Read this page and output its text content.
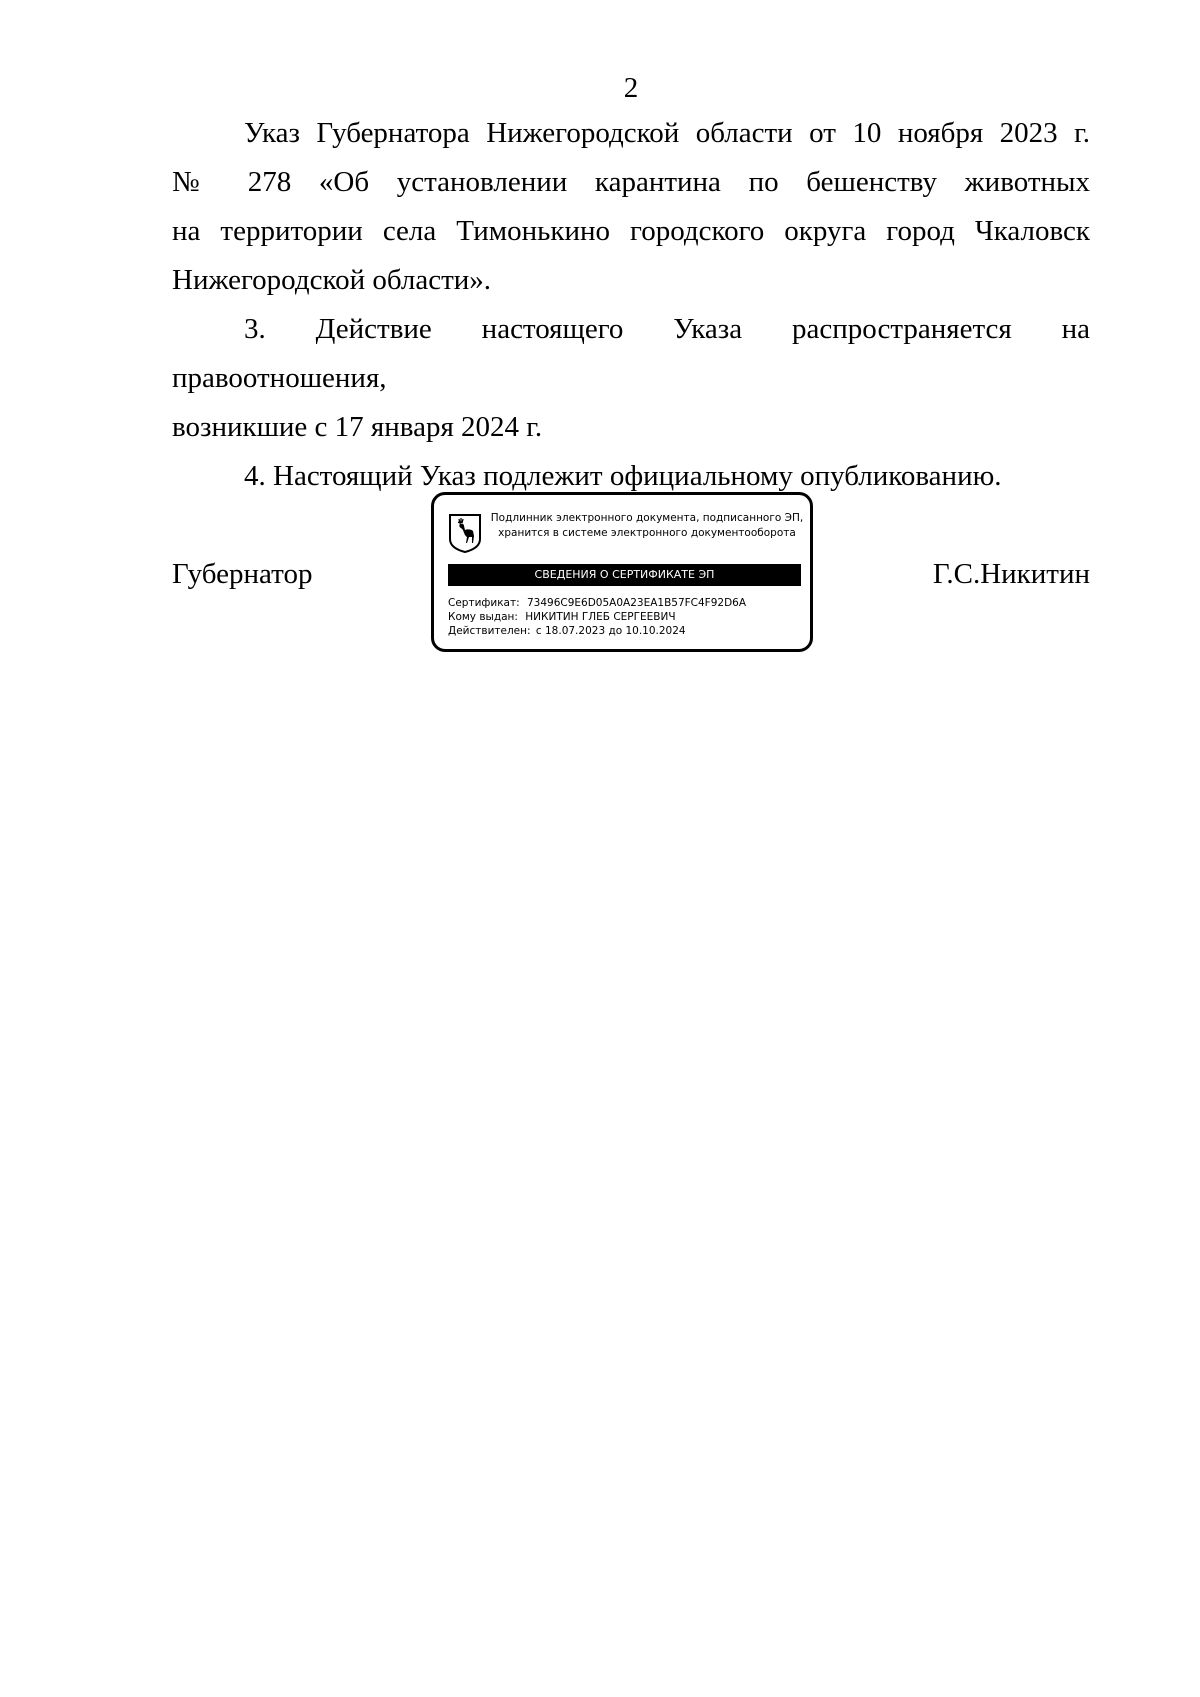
2

Указ Губернатора Нижегородской области от 10 ноября 2023 г.
№ 278 «Об установлении карантина по бешенству животных
на территории села Тимонькино городского округа город Чкаловск
Нижегородской области».

3. Действие настоящего Указа распространяется на правоотношения,
возникшие с 17 января 2024 г.

4. Настоящий Указ подлежит официальному опубликованию.

Губернатор	Г.С.Никитин
Подлинник электронного документа, подписанного ЭП,
хранится в системе электронного документооборота
СВЕДЕНИЯ О СЕРТИФИКАТЕ ЭП
Сертификат: 73496C9E6D05A0A23EA1B57FC4F92D6A
Кому выдан: НИКИТИН ГЛЕБ СЕРГЕЕВИЧ
Действителен: с 18.07.2023 до 10.10.2024
